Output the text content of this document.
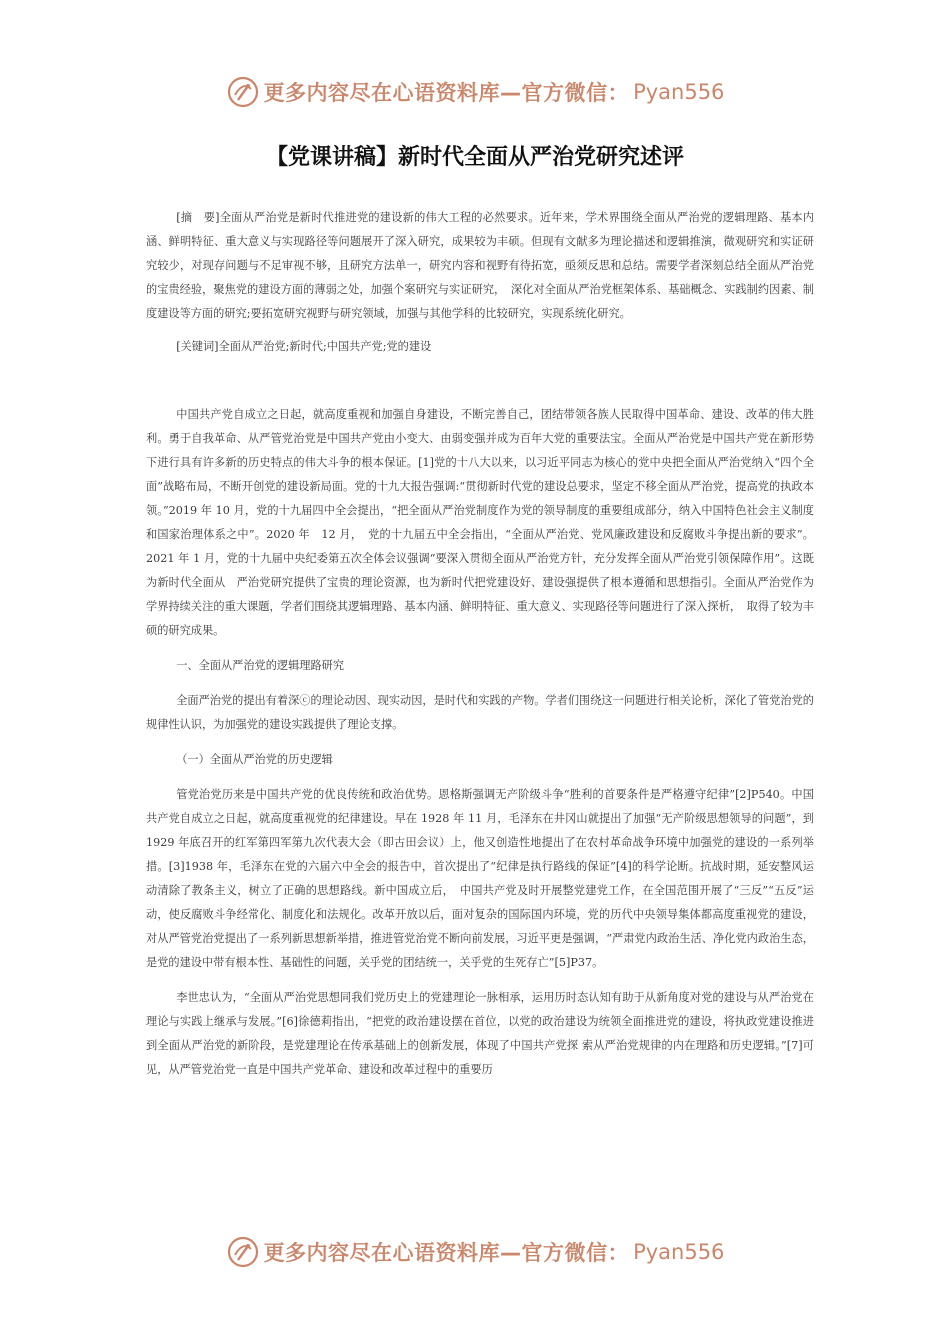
更多内容尽在心语资料库—官方微信： Pyan556
【党课讲稿】新时代全面从严治党研究述评

[摘　要]全面从严治党是新时代推进党的建设新的伟大工程的必然要求。近年来，学术界围绕全面从严治党的逻辑理路、基本内涵、鲜明特征、重大意义与实现路径等问题展开了深入研究，成果较为丰硕。但现有文献多为理论描述和逻辑推演，微观研究和实证研究较少，对现存问题与不足审视不够，且研究方法单一，研究内容和视野有待拓宽，亟须反思和总结。需要学者深刻总结全面从严治党的宝贵经验，聚焦党的建设方面的薄弱之处，加强个案研究与实证研究，　深化对全面从严治党框架体系、基础概念、实践制约因素、制度建设等方面的研究;要拓宽研究视野与研究领域，加强与其他学科的比较研究，实现系统化研究。

[关键词]全面从严治党;新时代;中国共产党;党的建设

中国共产党自成立之日起，就高度重视和加强自身建设，不断完善自己，团结带领各族人民取得中国革命、建设、改革的伟大胜利。勇于自我革命、从严管党治党是中国共产党由小变大、由弱变强并成为百年大党的重要法宝。全面从严治党是中国共产党在新形势下进行具有许多新的历史特点的伟大斗争的根本保证。[1]党的十八大以来，以习近平同志为核心的党中央把全面从严治党纳入“四个全面”战略布局，不断开创党的建设新局面。党的十九大报告强调:“贯彻新时代党的建设总要求，坚定不移全面从严治党，提高党的执政本领。”2019 年 10 月，党的十九届四中全会提出，“把全面从严治党制度作为党的领导制度的重要组成部分，纳入中国特色社会主义制度和国家治理体系之中”。2020 年　12 月，　党的十九届五中全会指出，“全面从严治党、党风廉政建设和反腐败斗争提出新的要求”。2021 年 1 月，党的十九届中央纪委第五次全体会议强调“要深入贯彻全面从严治党方针，充分发挥全面从严治党引领保障作用”。这既为新时代全面从　严治党研究提供了宝贵的理论资源，也为新时代把党建设好、建设强提供了根本遵循和思想指引。全面从严治党作为学界持续关注的重大课题，学者们围绕其逻辑理路、基本内涵、鲜明特征、重大意义、实现路径等问题进行了深入探析，　取得了较为丰硕的研究成果。

一、全面从严治党的逻辑理路研究

全面严治党的提出有着深ⓒ的理论动因、现实动因，是时代和实践的产物。学者们围绕这一问题进行相关论析，深化了管党治党的规律性认识，为加强党的建设实践提供了理论支撑。

（一）全面从严治党的历史逻辑

管党治党历来是中国共产党的优良传统和政治优势。恩格斯强调无产阶级斗争“胜利的首要条件是严格遵守纪律”[2]P540。中国共产党自成立之日起，就高度重视党的纪律建设。早在 1928 年 11 月，毛泽东在井冈山就提出了加强“无产阶级思想领导的问题”，到 1929 年底召开的红军第四军第九次代表大会（即古田会议）上，他又创造性地提出了在农村革命战争环境中加强党的建设的一系列举措。[3]1938 年，毛泽东在党的六届六中全会的报告中，首次提出了“纪律是执行路线的保证”[4]的科学论断。抗战时期，延安整风运动清除了教条主义，树立了正确的思想路线。新中国成立后，　中国共产党及时开展整党建党工作，在全国范围开展了“三反”“五反”运动，使反腐败斗争经常化、制度化和法规化。改革开放以后，面对复杂的国际国内环境，党的历代中央领导集体都高度重视党的建设，对从严管党治党提出了一系列新思想新举措，推进管党治党不断向前发展，习近平更是强调，“严肃党内政治生活、净化党内政治生态，是党的建设中带有根本性、基础性的问题，关乎党的团结统一，关乎党的生死存亡”[5]P37。

李世忠认为，“全面从严治党思想同我们党历史上的党建理论一脉相承，运用历时态认知有助于从新角度对党的建设与从严治党在理论与实践上继承与发展。”[6]徐德莉指出，“把党的政治建设摆在首位，以党的政治建设为统领全面推进党的建设，将执政党建设推进到全面从严治党的新阶段，是党建理论在传承基础上的创新发展，体现了中国共产党探 索从严治党规律的内在理路和历史逻辑。”[7]可见，从严管党治党一直是中国共产党革命、建设和改革过程中的重要历

更多内容尽在心语资料库—官方微信： Pyan556
